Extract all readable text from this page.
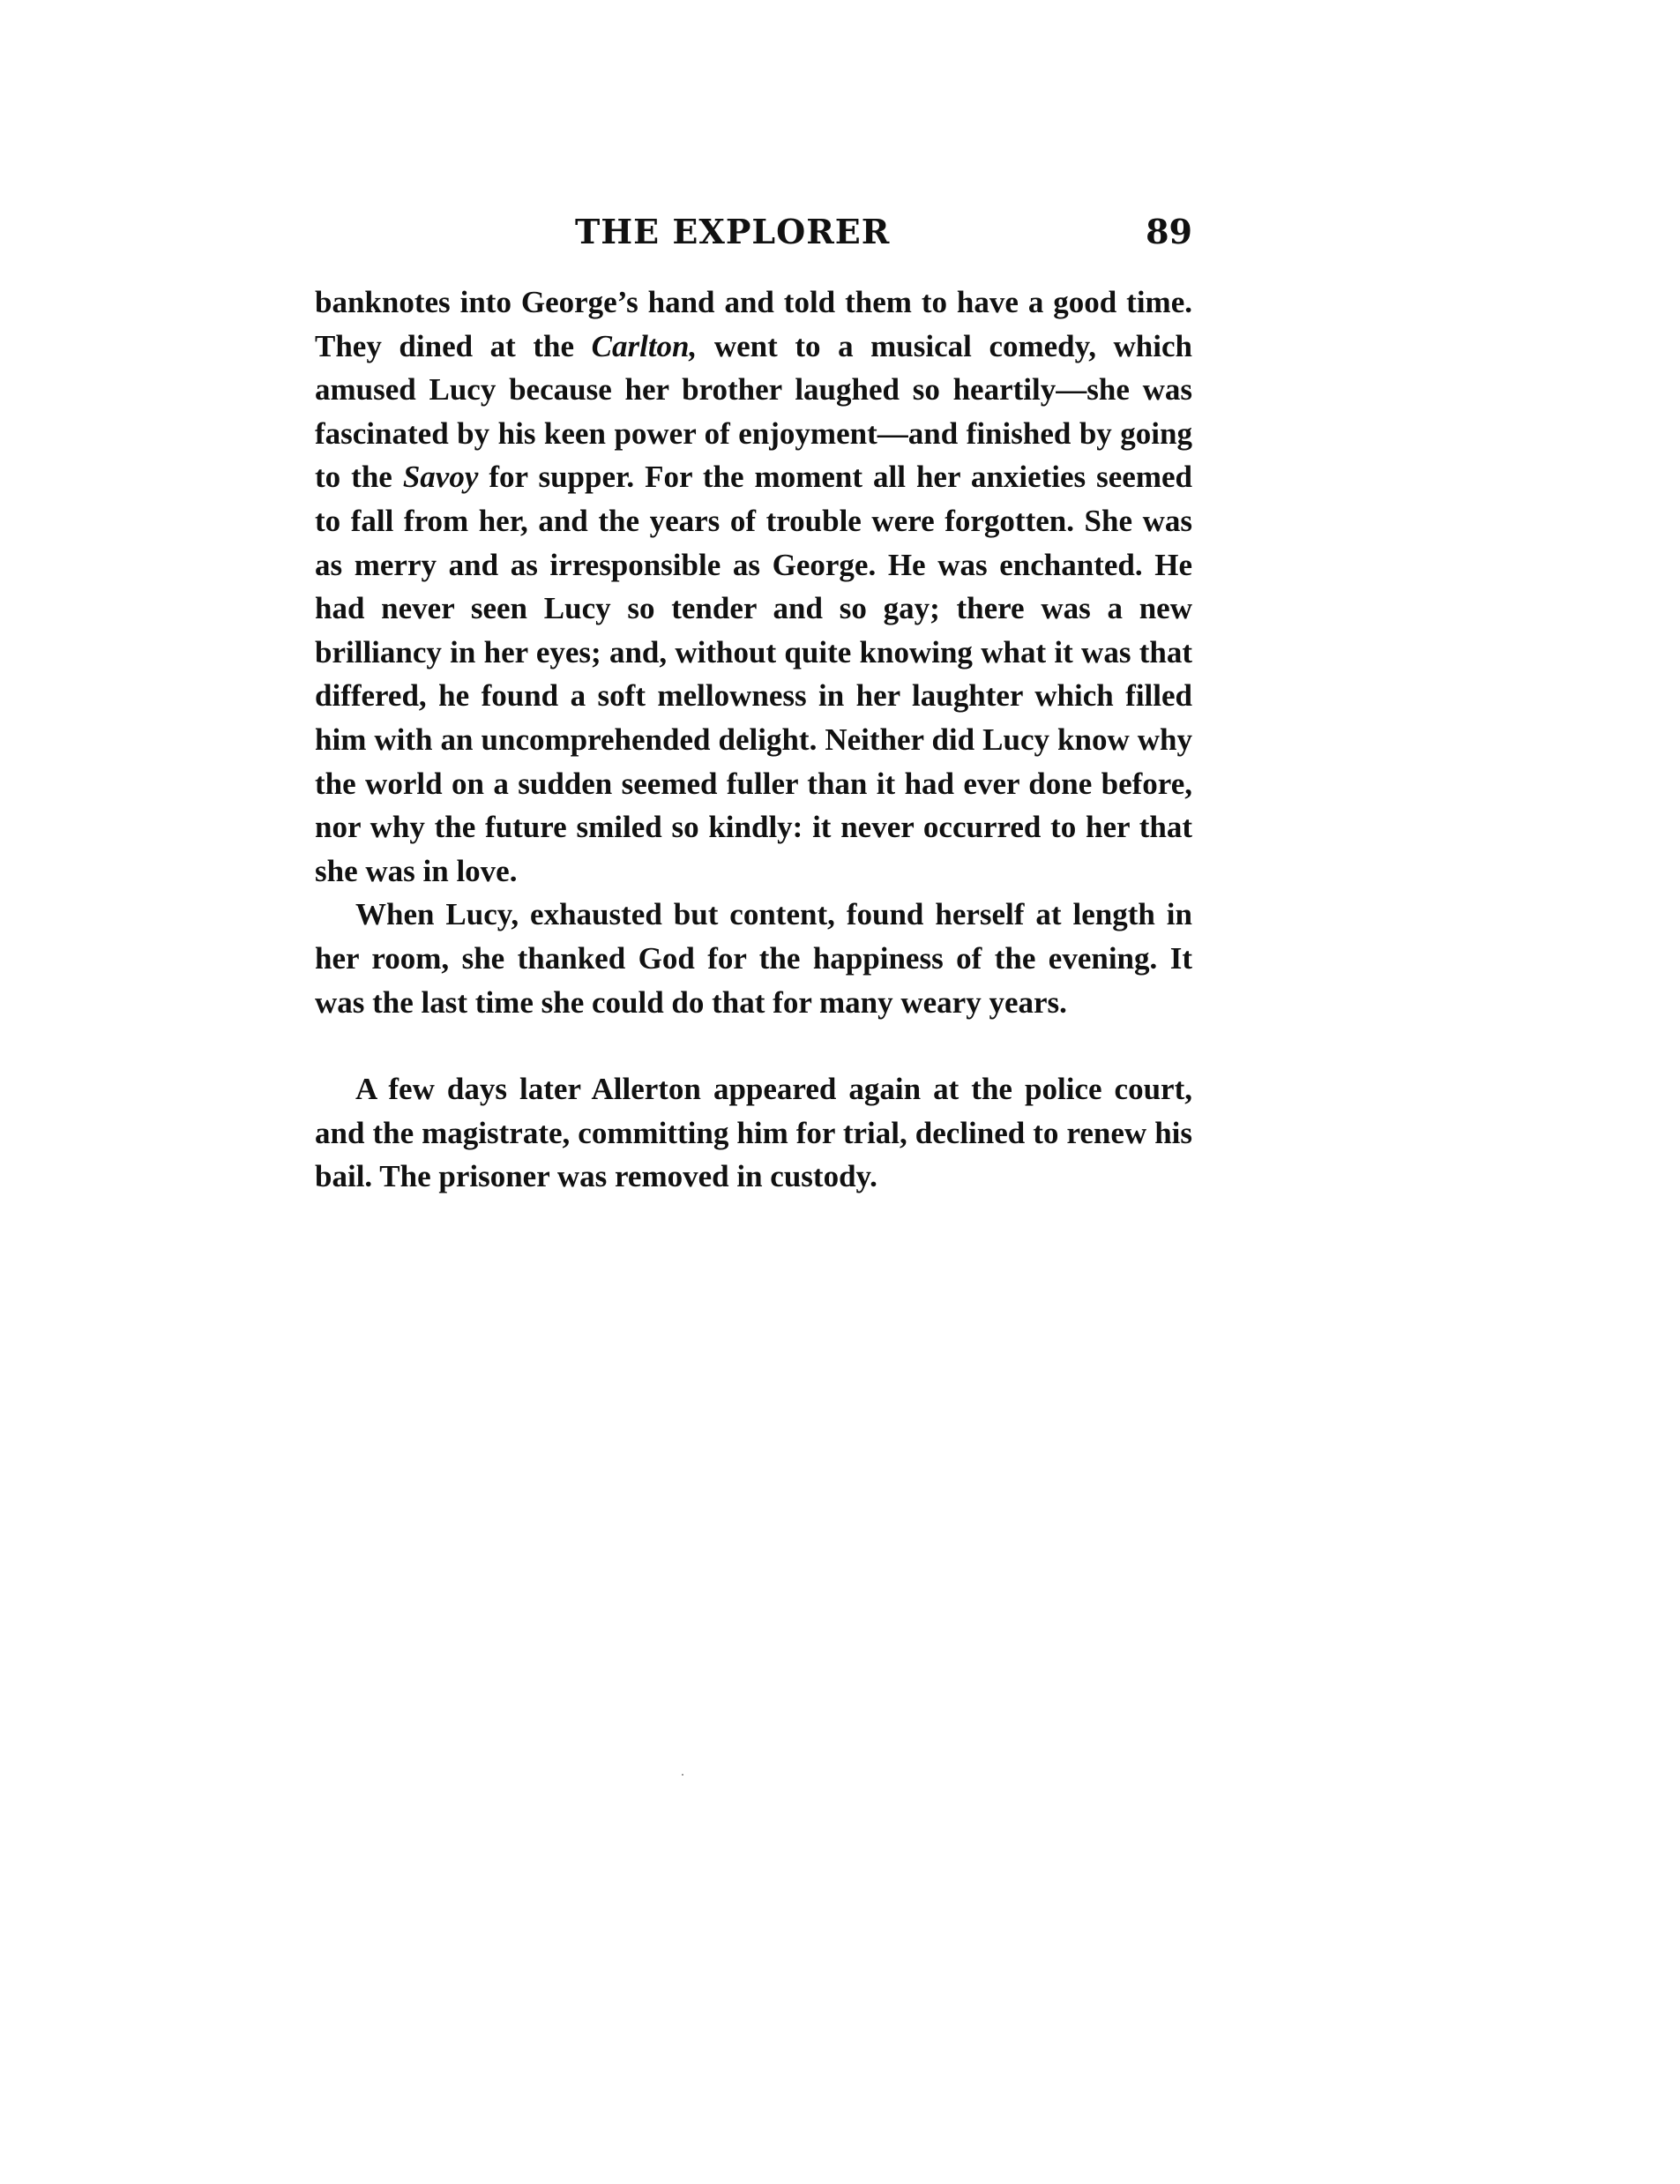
THE EXPLORER	89

banknotes into George’s hand and told them to have a good time. They dined at the Carlton, went to a musical comedy, which amused Lucy because her brother laughed so heartily—she was fascinated by his keen power of enjoyment—and finished by going to the Savoy for supper. For the moment all her anxieties seemed to fall from her, and the years of trouble were forgotten. She was as merry and as irresponsible as George. He was enchanted. He had never seen Lucy so tender and so gay; there was a new brilliancy in her eyes; and, without quite knowing what it was that differed, he found a soft mellowness in her laughter which filled him with an uncomprehended delight. Neither did Lucy know why the world on a sudden seemed fuller than it had ever done before, nor why the future smiled so kindly: it never occurred to her that she was in love.

When Lucy, exhausted but content, found herself at length in her room, she thanked God for the happiness of the evening. It was the last time she could do that for many weary years.

A few days later Allerton appeared again at the police court, and the magistrate, committing him for trial, declined to renew his bail. The prisoner was removed in custody.
